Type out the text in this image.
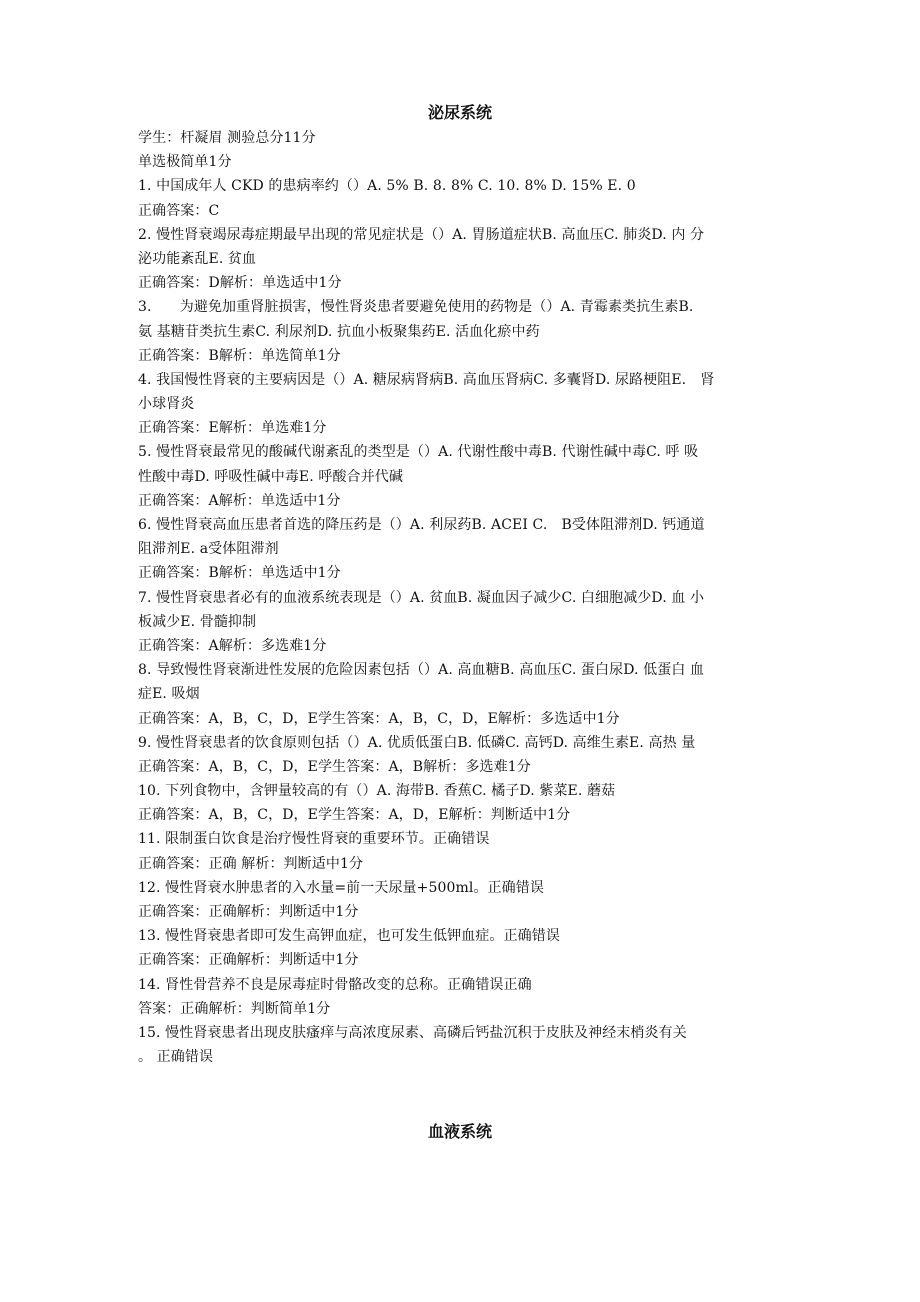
泌尿系统
学生：杆凝眉 测验总分11分
单选极简单1分
1. 中国成年人 CKD 的患病率约（）A. 5% B. 8. 8% C. 10. 8% D. 15% E. 0
正确答案：C
2. 慢性肾衰竭尿毒症期最早出现的常见症状是（）A. 胃肠道症状B. 高血压C. 肺炎D. 内 分
泌功能紊乱E. 贫血
正确答案：D解析：单选适中1分
3.　　为避免加重肾脏损害，慢性肾炎患者要避免使用的药物是（）A. 青霉素类抗生素B.
氨 基糖苷类抗生素C. 利尿剂D. 抗血小板聚集药E. 活血化瘀中药
正确答案：B解析：单选简单1分
4. 我国慢性肾衰的主要病因是（）A. 糖尿病肾病B. 高血压肾病C. 多囊肾D. 尿路梗阻E.　肾
小球肾炎
正确答案：E解析：单选难1分
5. 慢性肾衰最常见的酸碱代谢紊乱的类型是（）A. 代谢性酸中毒B. 代谢性碱中毒C. 呼 吸
性酸中毒D. 呼吸性碱中毒E. 呼酸合并代碱
正确答案：A解析：单选适中1分
6. 慢性肾衰高血压患者首选的降压药是（）A. 利尿药B. ACEI C.　B受体阻滞剂D. 钙通道
阻滞剂E. a受体阻滞剂
正确答案：B解析：单选适中1分
7. 慢性肾衰患者必有的血液系统表现是（）A. 贫血B. 凝血因子减少C. 白细胞减少D. 血 小
板减少E. 骨髓抑制
正确答案：A解析：多选难1分
8. 导致慢性肾衰渐进性发展的危险因素包括（）A. 高血糖B. 高血压C. 蛋白尿D. 低蛋白 血
症E. 吸烟
正确答案：A，B，C，D，E学生答案：A，B，C，D，E解析：多选适中1分
9. 慢性肾衰患者的饮食原则包括（）A. 优质低蛋白B. 低磷C. 高钙D. 高维生素E. 高热 量
正确答案：A，B，C，D，E学生答案：A，B解析：多选难1分
10. 下列食物中，含钾量较高的有（）A. 海带B. 香蕉C. 橘子D. 紫菜E. 蘑菇
正确答案：A，B，C，D，E学生答案：A，D，E解析：判断适中1分
11. 限制蛋白饮食是治疗慢性肾衰的重要环节。正确错误
正确答案：正确 解析：判断适中1分
12. 慢性肾衰水肿患者的入水量=前一天尿量+500ml。正确错误
正确答案：正确解析：判断适中1分
13. 慢性肾衰患者即可发生高钾血症，也可发生低钾血症。正确错误
正确答案：正确解析：判断适中1分
14. 肾性骨营养不良是尿毒症时骨骼改变的总称。正确错误正确
答案：正确解析：判断简单1分
15. 慢性肾衰患者出现皮肤瘙痒与高浓度尿素、高磷后钙盐沉积于皮肤及神经末梢炎有关
。 正确错误
血液系统
